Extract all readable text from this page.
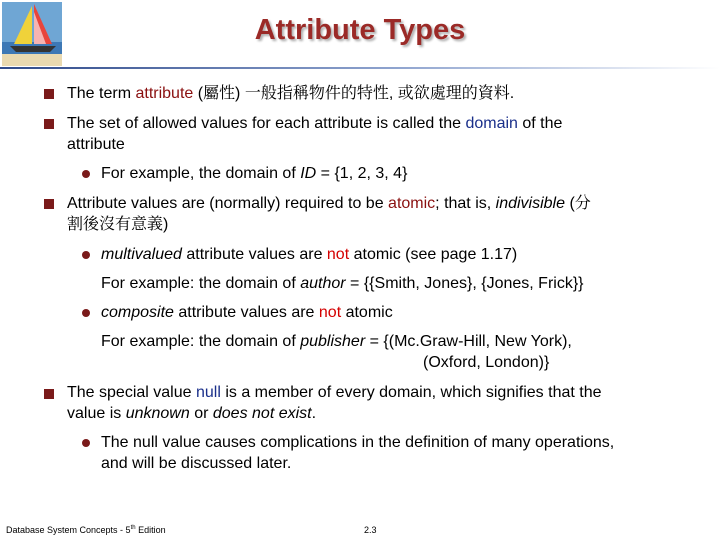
Attribute Types
The term attribute (屬性) 一般指稱物件的特性, 或欲處理的資料.
The set of allowed values for each attribute is called the domain of the
attribute
For example, the domain of ID = {1, 2, 3, 4}
Attribute values are (normally) required to be atomic; that is, indivisible (分
割後沒有意義)
multivalued attribute values are not atomic (see page 1.17)
For example: the domain of author = {{Smith, Jones}, {Jones, Frick}}
composite attribute values are not atomic
For example: the domain of publisher = {(Mc.Graw-Hill, New York),
(Oxford, London)}
The special value null is a member of every domain, which signifies that the
value is unknown or does not exist.
The null value causes complications in the definition of many operations,
and will be discussed later.
Database System Concepts - 5th Edition	2.3
